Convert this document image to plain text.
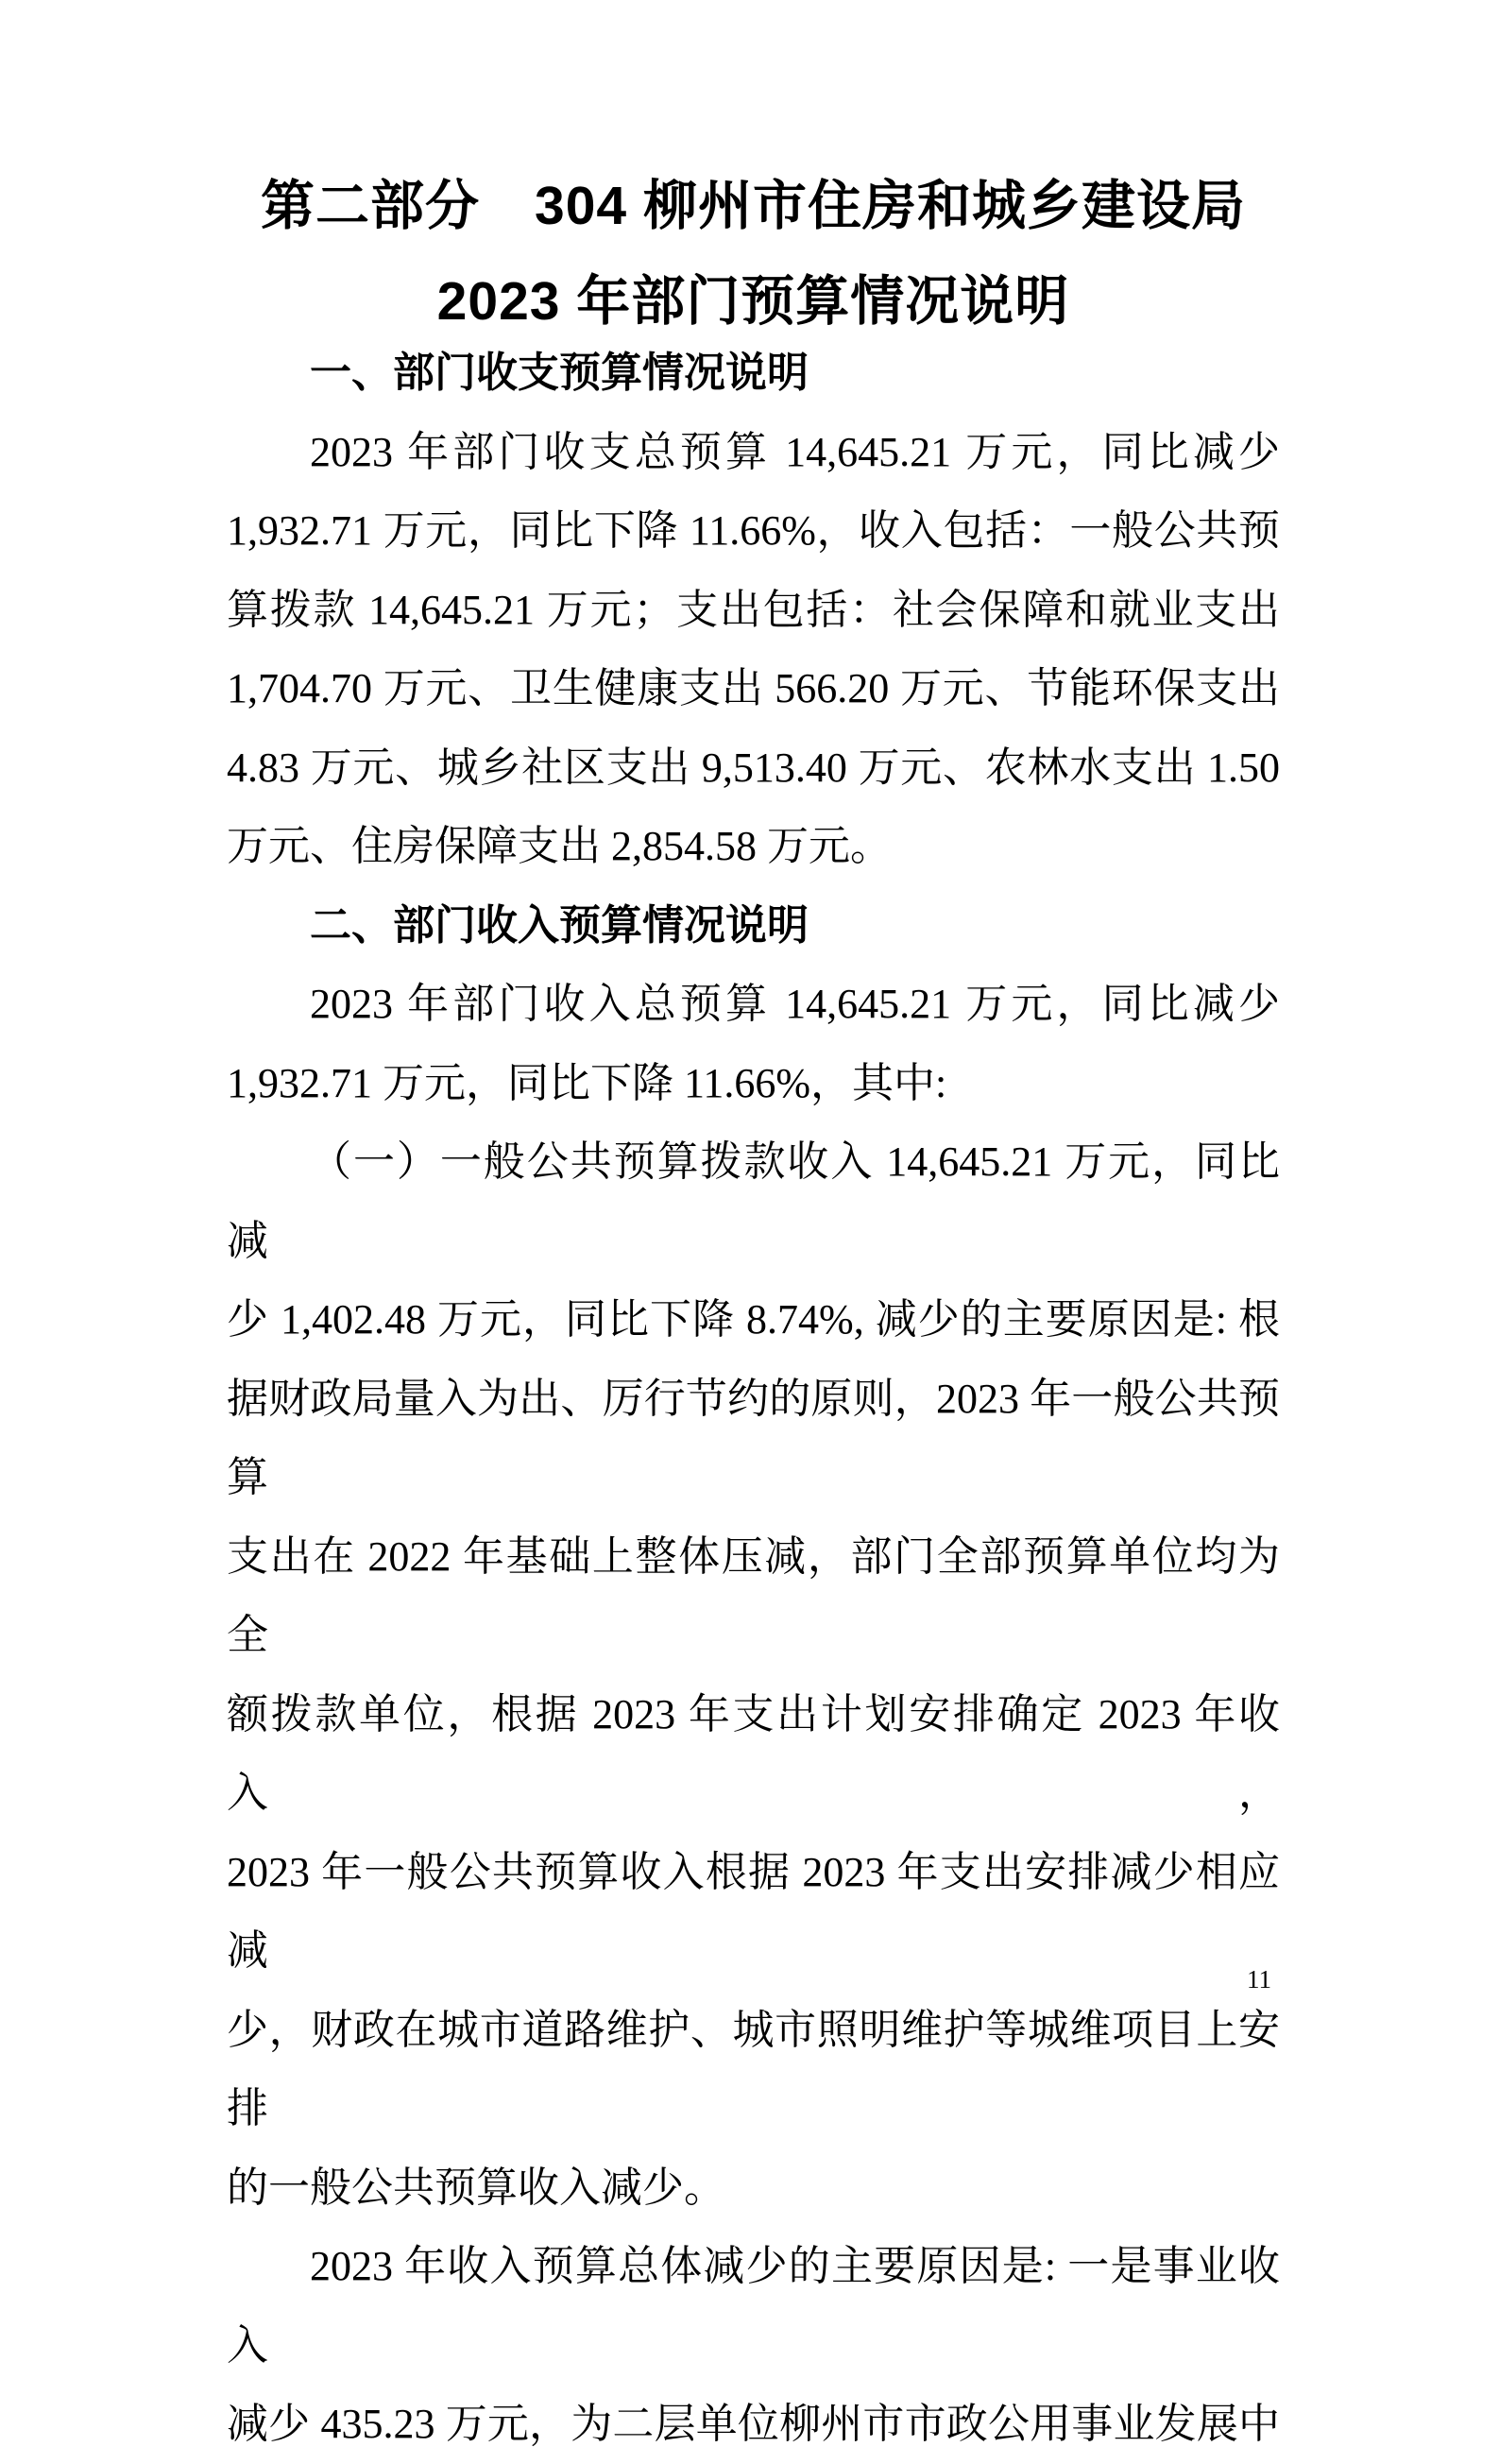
第二部分　304 柳州市住房和城乡建设局
2023 年部门预算情况说明
一、部门收支预算情况说明
2023 年部门收支总预算 14,645.21 万元，同比减少
1,932.71 万元，同比下降 11.66%，收入包括：一般公共预
算拨款 14,645.21 万元；支出包括：社会保障和就业支出
1,704.70 万元、卫生健康支出 566.20 万元、节能环保支出
4.83 万元、城乡社区支出 9,513.40 万元、农林水支出 1.50
万元、住房保障支出 2,854.58 万元。
二、部门收入预算情况说明
2023 年部门收入总预算 14,645.21 万元，同比减少
1,932.71 万元，同比下降 11.66%，其中:
（一）一般公共预算拨款收入 14,645.21 万元，同比减
少 1,402.48 万元，同比下降 8.74%, 减少的主要原因是: 根
据财政局量入为出、厉行节约的原则，2023 年一般公共预算
支出在 2022 年基础上整体压减，部门全部预算单位均为全
额拨款单位，根据 2023 年支出计划安排确定 2023 年收入，
2023 年一般公共预算收入根据 2023 年支出安排减少相应减
少，财政在城市道路维护、城市照明维护等城维项目上安排
的一般公共预算收入减少。
2023 年收入预算总体减少的主要原因是: 一是事业收入
减少 435.23 万元，为二层单位柳州市市政公用事业发展中
11
